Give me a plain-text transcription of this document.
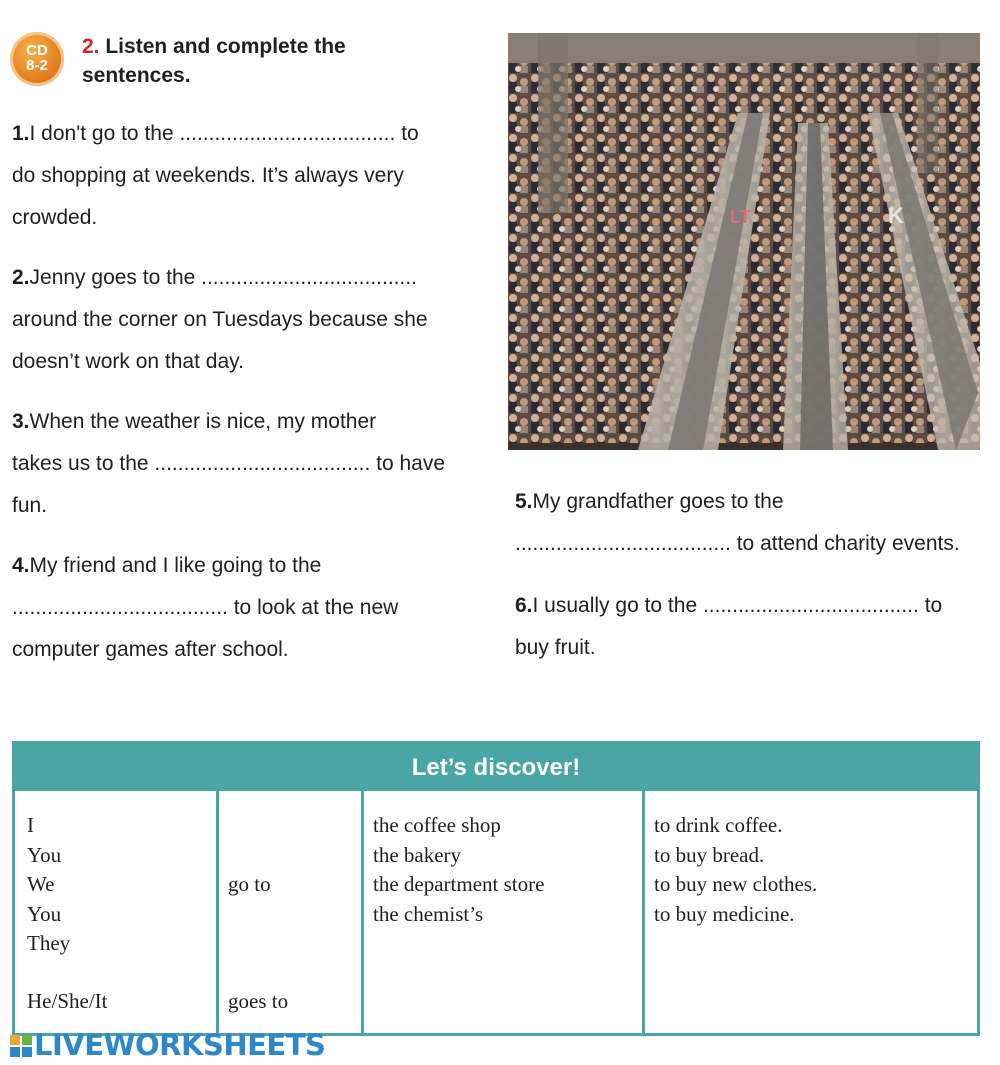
CD
8-2
2. Listen and complete the sentences.
1.I don't go to the ..................................... to
do shopping at weekends. It’s always very
crowded.
2.Jenny goes to the .....................................
around the corner on Tuesdays because she
doesn’t work on that day.
3.When the weather is nice, my mother
takes us to the ..................................... to have
fun.
4.My friend and I like going to the
..................................... to look at the new
computer games after school.
K
LT
5.My grandfather goes to the
..................................... to attend charity events.
6.I usually go to the ..................................... to
buy fruit.
Let’s discover!
I
You
We
You
They
He/She/It
go to
goes to
the coffee shop
the bakery
the department store
the chemist’s
to drink coffee.
to buy bread.
to buy new clothes.
to buy medicine.
LIVEWORKSHEETS
